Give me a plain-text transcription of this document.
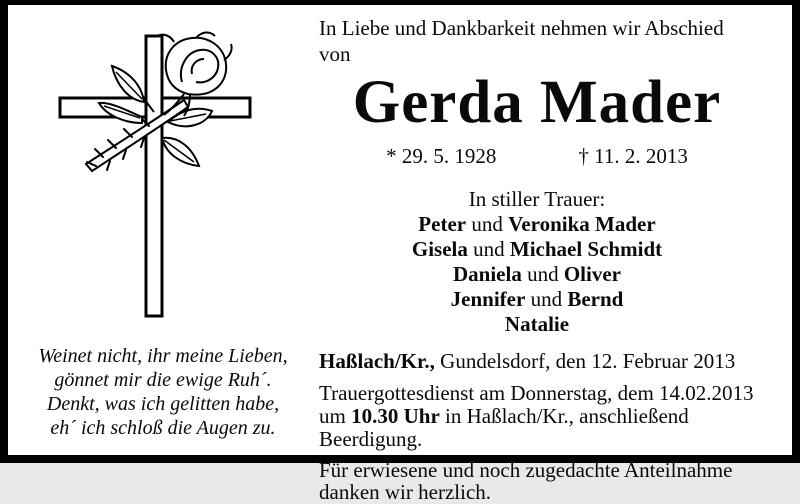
Weinet nicht, ihr meine Lieben,
gönnet mir die ewige Ruh´.
Denkt, was ich gelitten habe,
eh´ ich schloß die Augen zu.
In Liebe und Dankbarkeit nehmen wir Abschied von
Gerda Mader
* 29. 5. 1928	† 11. 2. 2013
In stiller Trauer:
Peter und Veronika Mader
Gisela und Michael Schmidt
Daniela und Oliver
Jennifer und Bernd
Natalie
Haßlach/Kr., Gundelsdorf, den 12. Februar 2013
Trauergottesdienst am Donnerstag, dem 14.02.2013
um 10.30 Uhr in Haßlach/Kr., anschließend Beerdigung.
Für erwiesene und noch zugedachte Anteilnahme
danken wir herzlich.
